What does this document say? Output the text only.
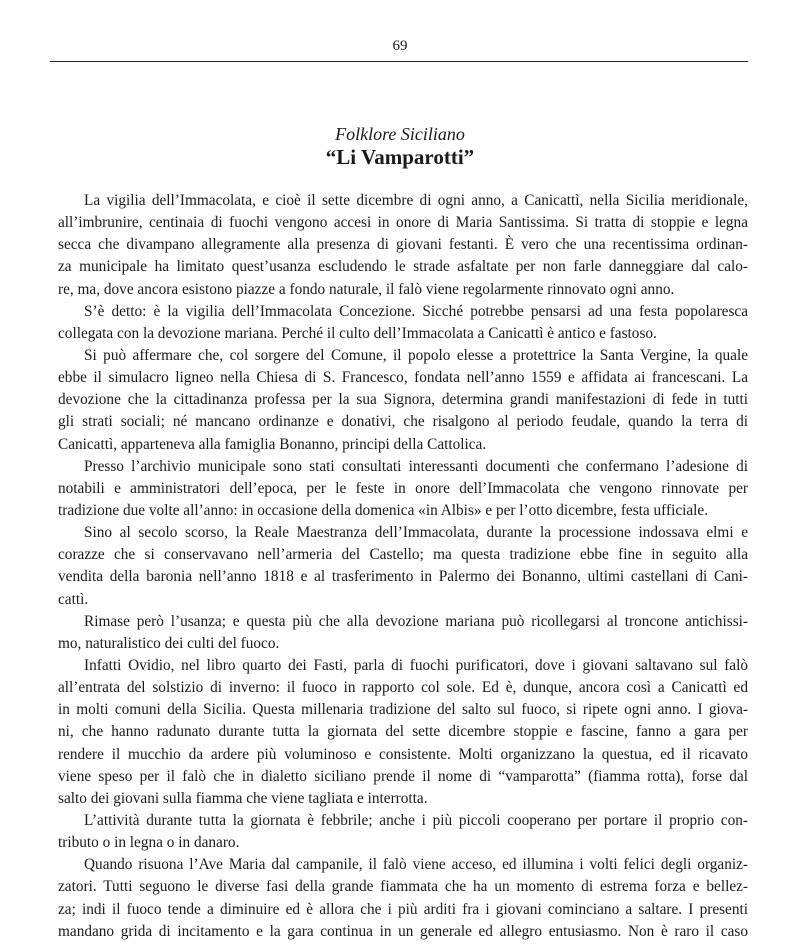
69
Folklore Siciliano
“Li Vamparotti”
La vigilia dell’Immacolata, e cioè il sette dicembre di ogni anno, a Canicattì, nella Sicilia meridionale,
all’imbrunire, centinaia di fuochi vengono accesi in onore di Maria Santissima. Si tratta di stoppie e legna
secca che divampano allegramente alla presenza di giovani festanti. È vero che una recentissima ordinan-
za municipale ha limitato quest’usanza escludendo le strade asfaltate per non farle danneggiare dal calo-
re, ma, dove ancora esistono piazze a fondo naturale, il falò viene regolarmente rinnovato ogni anno.
S’è detto: è la vigilia dell’Immacolata Concezione. Sicché potrebbe pensarsi ad una festa popolaresca
collegata con la devozione mariana. Perché il culto dell’Immacolata a Canicattì è antico e fastoso.
Si può affermare che, col sorgere del Comune, il popolo elesse a protettrice la Santa Vergine, la quale
ebbe il simulacro ligneo nella Chiesa di S. Francesco, fondata nell’anno 1559 e affidata ai francescani. La
devozione che la cittadinanza professa per la sua Signora, determina grandi manifestazioni di fede in tutti
gli strati sociali; né mancano ordinanze e donativi, che risalgono al periodo feudale, quando la terra di
Canicattì, apparteneva alla famiglia Bonanno, principi della Cattolica.
Presso l’archivio municipale sono stati consultati interessanti documenti che confermano l’adesione di
notabili e amministratori dell’epoca, per le feste in onore dell’Immacolata che vengono rinnovate per
tradizione due volte all’anno: in occasione della domenica «in Albis» e per l’otto dicembre, festa ufficiale.
Sino al secolo scorso, la Reale Maestranza dell’Immacolata, durante la processione indossava elmi e
corazze che si conservavano nell’armeria del Castello; ma questa tradizione ebbe fine in seguito alla
vendita della baronia nell’anno 1818 e al trasferimento in Palermo dei Bonanno, ultimi castellani di Cani-
cattì.
Rimase però l’usanza; e questa più che alla devozione mariana può ricollegarsi al troncone antichissi-
mo, naturalistico dei culti del fuoco.
Infatti Ovidio, nel libro quarto dei Fasti, parla di fuochi purificatori, dove i giovani saltavano sul falò
all’entrata del solstizio di inverno: il fuoco in rapporto col sole. Ed è, dunque, ancora così a Canicattì ed
in molti comuni della Sicilia. Questa millenaria tradizione del salto sul fuoco, si ripete ogni anno. I giova-
ni, che hanno radunato durante tutta la giornata del sette dicembre stoppie e fascine, fanno a gara per
rendere il mucchio da ardere più voluminoso e consistente. Molti organizzano la questua, ed il ricavato
viene speso per il falò che in dialetto siciliano prende il nome di “vamparotta” (fiamma rotta), forse dal
salto dei giovani sulla fiamma che viene tagliata e interrotta.
L’attività durante tutta la giornata è febbrile; anche i più piccoli cooperano per portare il proprio con-
tributo o in legna o in danaro.
Quando risuona l’Ave Maria dal campanile, il falò viene acceso, ed illumina i volti felici degli organiz-
zatori. Tutti seguono le diverse fasi della grande fiammata che ha un momento di estrema forza e bellez-
za; indi il fuoco tende a diminuire ed è allora che i più arditi fra i giovani cominciano a saltare. I presenti
mandano grida di incitamento e la gara continua in un generale ed allegro entusiasmo. Non è raro il caso
